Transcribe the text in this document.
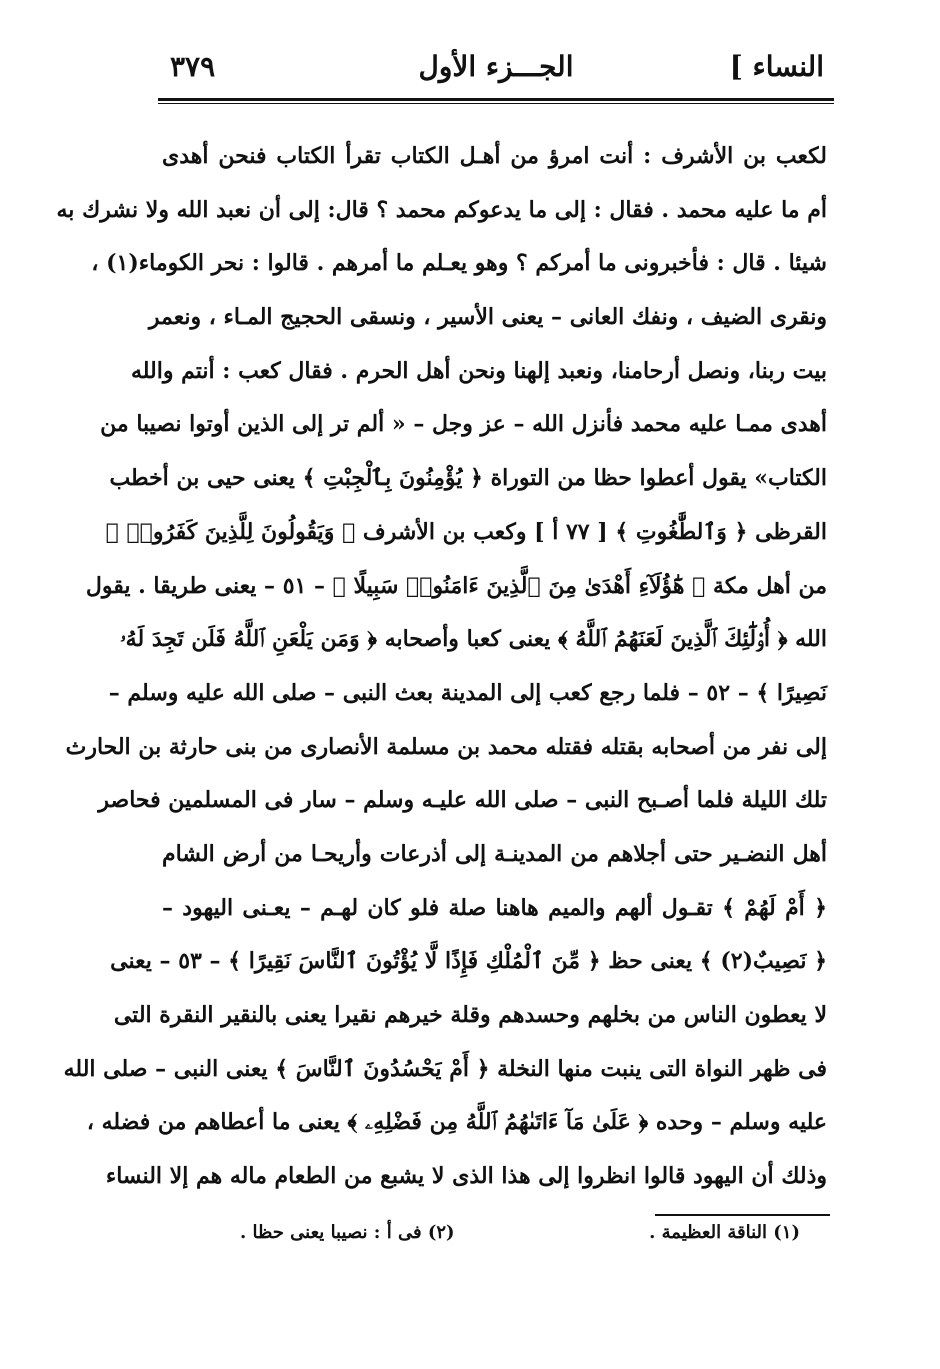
النساء ]
الجـــزء الأول
٣٧٩
لكعب بن الأشرف : أنت امرؤ من أهـل الكتاب تقرأ الكتاب فنحن أهدى
أم ما عليه محمد . فقال : إلى ما يدعوكم محمد ؟ قال: إلى أن نعبد الله ولا نشرك به
شيئا . قال : فأخبرونى ما أمركم ؟ وهو يعـلم ما أمرهم . قالوا : نحر الكوماء(١) ،
ونقرى الضيف ، ونفك العانى – يعنى الأسير ، ونسقى الحجيج المـاء ، ونعمر
بيت ربنا، ونصل أرحامنا، ونعبد إلهنا ونحن أهل الحرم . فقال كعب : أنتم والله
أهدى ممـا عليه محمد فأنزل الله – عز وجل – « ألم تر إلى الذين أوتوا نصيبا من
الكتاب» يقول أعطوا حظا من التوراة ﴿ يُؤْمِنُونَ بِٱلْجِبْتِ ﴾ يعنى حيى بن أخطب
القرظى ﴿ وَٱلطَّٰغُوتِ ﴾ [ ٧٧ أ ] وكعب بن الأشرف ﴿ وَيَقُولُونَ لِلَّذِينَ كَفَرُوا۟ ﴾
من أهل مكة ﴿ هَٰٓؤُلَآءِ أَهْدَىٰ مِنَ ٱلَّذِينَ ءَامَنُوا۟ سَبِيلًا ﴾ – ٥١ – يعنى طريقا . يقول
الله ﴿ أُو۟لَٰٓئِكَ ٱلَّذِينَ لَعَنَهُمُ ٱللَّهُ ﴾ يعنى كعبا وأصحابه ﴿ وَمَن يَلْعَنِ ٱللَّهُ فَلَن تَجِدَ لَهُۥ
نَصِيرًا ﴾ – ٥٢ – فلما رجع كعب إلى المدينة بعث النبى – صلى الله عليه وسلم –
إلى نفر من أصحابه بقتله فقتله محمد بن مسلمة الأنصارى من بنى حارثة بن الحارث
تلك الليلة فلما أصـبح النبى – صلى الله عليـه وسلم – سار فى المسلمين فحاصر
أهل النضـير حتى أجلاهم من المدينـة إلى أذرعات وأريحـا من أرض الشام
﴿ أَمْ لَهُمْ ﴾ تقـول ألهم والميم هاهنا صلة فلو كان لهـم – يعـنى اليهود –
﴿ نَصِيبٌ(٢) ﴾ يعنى حظ ﴿ مِّنَ ٱلْمُلْكِ فَإِذًا لَّا يُؤْتُونَ ٱلنَّاسَ نَقِيرًا ﴾ – ٥٣ – يعنى
لا يعطون الناس من بخلهم وحسدهم وقلة خيرهم نقيرا يعنى بالنقير النقرة التى
فى ظهر النواة التى ينبت منها النخلة ﴿ أَمْ يَحْسُدُونَ ٱلنَّاسَ ﴾ يعنى النبى – صلى الله
عليه وسلم – وحده ﴿ عَلَىٰ مَآ ءَاتَىٰهُمُ ٱللَّهُ مِن فَضْلِهِۦ ﴾ يعنى ما أعطاهم من فضله ،
وذلك أن اليهود قالوا انظروا إلى هذا الذى لا يشبع من الطعام ماله هم إلا النساء
(١) الناقة العظيمة .
(٢) فى أ : نصيبا يعنى حظا .
